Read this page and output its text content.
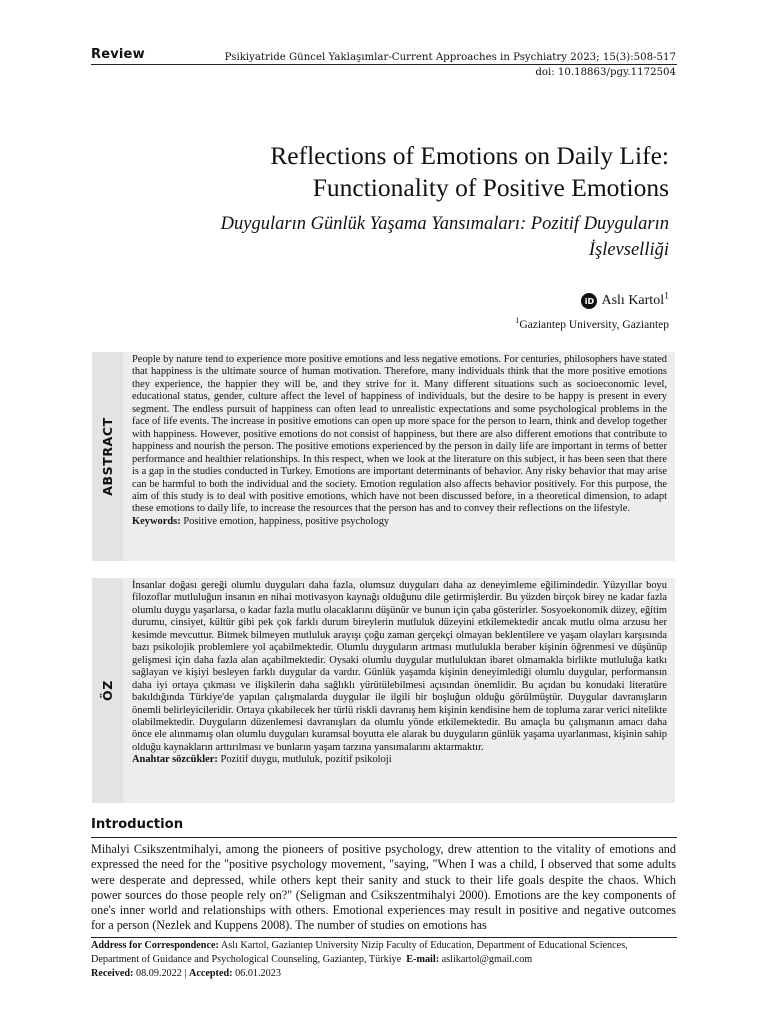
Review	Psikiyatride Güncel Yaklaşımlar-Current Approaches in Psychiatry 2023; 15(3):508-517
doi: 10.18863/pgy.1172504
Reflections of Emotions on Daily Life:
Functionality of Positive Emotions
Duyguların Günlük Yaşama Yansımaları: Pozitif Duyguların
İşlevselliği
iD Aslı Kartol$^1$
$^1$Gaziantep University, Gaziantep
ABSTRACT
People by nature tend to experience more positive emotions and less negative emotions. For centuries, philosophers have stated that happiness is the ultimate source of human motivation. Therefore, many individuals think that the more positive emotions they experience, the happier they will be, and they strive for it. Many different situations such as socioeconomic level, educational status, gender, culture affect the level of happiness of individuals, but the desire to be happy is present in every segment. The endless pursuit of happiness can often lead to unrealistic expectations and some psychological problems in the face of life events. The increase in positive emotions can open up more space for the person to learn, think and develop together with happiness. However, positive emotions do not consist of happiness, but there are also different emotions that contribute to happiness and nourish the person. The positive emotions experienced by the person in daily life are important in terms of better performance and healthier relationships. In this respect, when we look at the literature on this subject, it has been seen that there is a gap in the studies conducted in Turkey. Emotions are important determinants of behavior. Any risky behavior that may arise can be harmful to both the individual and the society. Emotion regulation also affects behavior positively. For this purpose, the aim of this study is to deal with positive emotions, which have not been discussed before, in a theoretical dimension, to adapt these emotions to daily life, to increase the resources that the person has and to convey their reflections on the lifestyle.
Keywords: Positive emotion, happiness, positive psychology
ÖZ
İnsanlar doğası gereği olumlu duyguları daha fazla, olumsuz duyguları daha az deneyimleme eğilimindedir. Yüzyıllar boyu filozoflar mutluluğun insanın en nihai motivasyon kaynağı olduğunu dile getirmişlerdir. Bu yüzden birçok birey ne kadar fazla olumlu duygu yaşarlarsa, o kadar fazla mutlu olacaklarını düşünür ve bunun için çaba gösterirler. Sosyoekonomik düzey, eğitim durumu, cinsiyet, kültür gibi pek çok farklı durum bireylerin mutluluk düzeyini etkilemektedir ancak mutlu olma arzusu her kesimde mevcuttur. Bitmek bilmeyen mutluluk arayışı çoğu zaman gerçekçi olmayan beklentilere ve yaşam olayları karşısında bazı psikolojik problemlere yol açabilmektedir. Olumlu duyguların artması mutlulukla beraber kişinin öğrenmesi ve düşünüp gelişmesi için daha fazla alan açabilmektedir. Oysaki olumlu duygular mutluluktan ibaret olmamakla birlikte mutluluğa katkı sağlayan ve kişiyi besleyen farklı duygular da vardır. Günlük yaşamda kişinin deneyimlediği olumlu duygular, performansın daha iyi ortaya çıkması ve ilişkilerin daha sağlıklı yürütülebilmesi açısından önemlidir. Bu açıdan bu konudaki literatüre bakıldığında Türkiye'de yapılan çalışmalarda duygular ile ilgili bir boşluğun olduğu görülmüştür. Duygular davranışların önemli belirleyicileridir. Ortaya çıkabilecek her türlü riskli davranış hem kişinin kendisine hem de topluma zarar verici nitelikte olabilmektedir. Duyguların düzenlemesi davranışları da olumlu yönde etkilemektedir. Bu amaçla bu çalışmanın amacı daha önce ele alınmamış olan olumlu duyguları kuramsal boyutta ele alarak bu duyguların günlük yaşama uyarlanması, kişinin sahip olduğu kaynakların arttırılması ve bunların yaşam tarzına yansımalarını aktarmaktır.
Anahtar sözcükler: Pozitif duygu, mutluluk, pozitif psikoloji
Introduction
Mihalyi Csikszentmihalyi, among the pioneers of positive psychology, drew attention to the vitality of emotions and expressed the need for the "positive psychology movement, "saying, "When I was a child, I observed that some adults were desperate and depressed, while others kept their sanity and stuck to their life goals despite the chaos. Which power sources do those people rely on?" (Seligman and Csikszentmihalyi 2000). Emotions are the key components of one's inner world and relationships with others. Emotional experiences may result in positive and negative outcomes for a person (Nezlek and Kuppens 2008). The number of studies on emotions has
Address for Correspondence: Aslı Kartol, Gaziantep University Nizip Faculty of Education, Department of Educational Sciences, Department of Guidance and Psychological Counseling, Gaziantep, Türkiye E-mail: aslikartol@gmail.com
Received: 08.09.2022 | Accepted: 06.01.2023
